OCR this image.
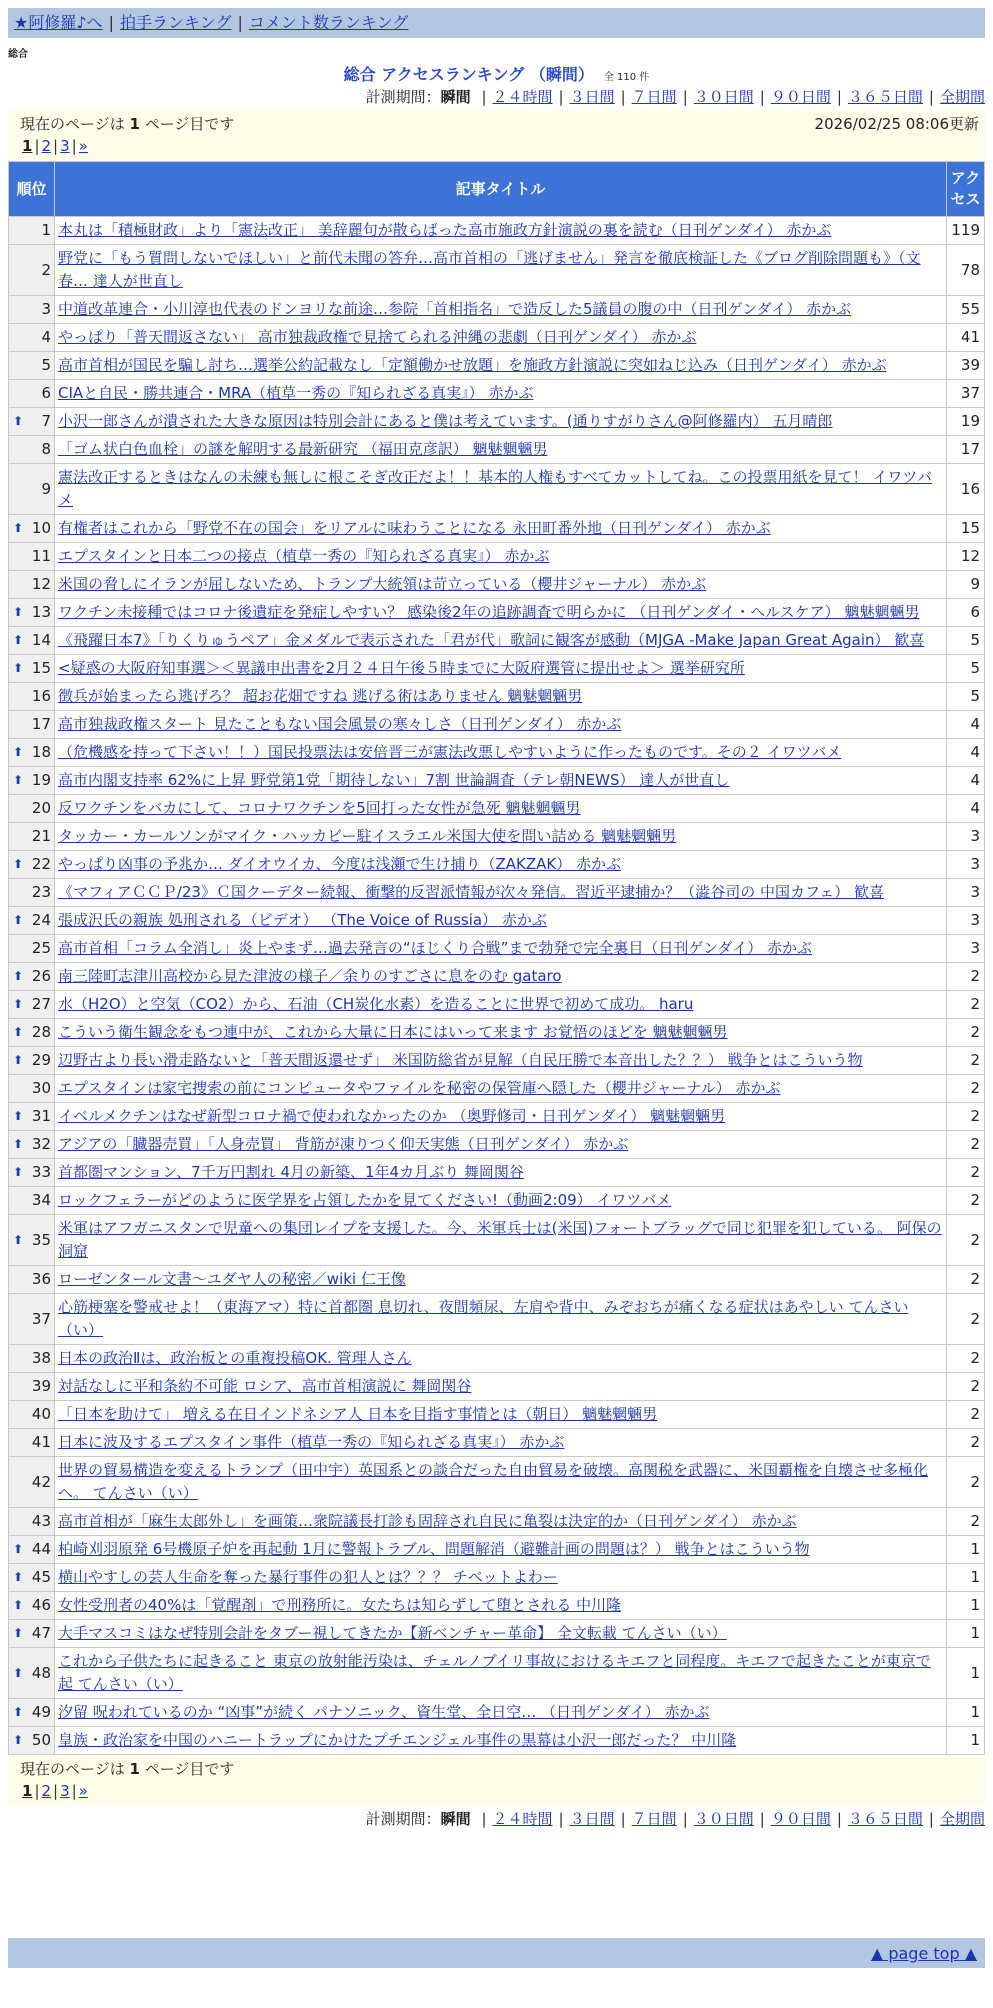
★阿修羅♪へ | 拍手ランキング | コメント数ランキング
総合
総合 アクセスランキング （瞬間） 全 110 件
計測期間：瞬間 | ２４時間 | ３日間 | ７日間 | ３０日間 | ９０日間 | ３６５日間 | 全期間
現在のページは 1 ページ目です	2026/02/25 08:06更新
1 | 2 | 3 | »
順位	記事タイトル	アクセス
1	本丸は「積極財政」より「憲法改正」 美辞麗句が散らばった高市施政方針演説の裏を読む（日刊ゲンダイ） 赤かぶ	119
2	野党に「もう質問しないでほしい」と前代未聞の答弁…高市首相の「逃げません」発言を徹底検証した《ブログ削除問題も》（文春… 達人が世直し	78
3	中道改革連合・小川淳也代表のドンヨリな前途…参院「首相指名」で造反した5議員の腹の中（日刊ゲンダイ） 赤かぶ	55
4	やっぱり「普天間返さない」 高市独裁政権で見捨てられる沖縄の悲劇（日刊ゲンダイ） 赤かぶ	41
5	高市首相が国民を騙し討ち…選挙公約記載なし「定額働かせ放題」を施政方針演説に突如ねじ込み（日刊ゲンダイ） 赤かぶ	39
6	CIAと自民・勝共連合・MRA（植草一秀の『知られざる真実』） 赤かぶ	37

⬆ 7	小沢一郎さんが潰された大きな原因は特別会計にあると僕は考えています。(通りすがりさん@阿修羅内） 五月晴郎	19
8	「ゴム状白色血栓」の謎を解明する最新研究 （福田克彦訳） 魑魅魍魎男	17
9	憲法改正するときはなんの未練も無しに根こそぎ改正だよ！！基本的人権もすべてカットしてね。この投票用紙を見て！ イワツバメ	16

⬆ 10	有権者はこれから「野党不在の国会」をリアルに味わうことになる 永田町番外地（日刊ゲンダイ） 赤かぶ	15
11	エプスタインと日本二つの接点（植草一秀の『知られざる真実』） 赤かぶ	12
12	米国の脅しにイランが屈しないため、トランプ大統領は苛立っている（櫻井ジャーナル） 赤かぶ	9

⬆ 13	ワクチン未接種ではコロナ後遺症を発症しやすい？ 感染後2年の追跡調査で明らかに （日刊ゲンダイ・ヘルスケア） 魑魅魍魎男	6

⬆ 14	《飛躍日本7》「りくりゅうペア」金メダルで表示された「君が代」歌詞に観客が感動（MJGA -Make Japan Great Again） 歓喜	5

⬆ 15	<疑惑の大阪府知事選＞＜異議申出書を2月２４日午後５時までに大阪府選管に提出せよ＞ 選挙研究所	5
16	徴兵が始まったら逃げろ？ 超お花畑ですね 逃げる術はありません 魑魅魍魎男	5
17	高市独裁政権スタート 見たこともない国会風景の寒々しさ（日刊ゲンダイ） 赤かぶ	4

⬆ 18	（危機感を持って下さい！！）国民投票法は安倍晋三が憲法改悪しやすいように作ったものです。その２ イワツバメ	4

⬆ 19	高市内閣支持率 62%に上昇 野党第1党「期待しない」7割 世論調査（テレ朝NEWS） 達人が世直し	4
20	反ワクチンをバカにして、コロナワクチンを5回打った女性が急死 魑魅魍魎男	4
21	タッカー・カールソンがマイク・ハッカビー駐イスラエル米国大使を問い詰める 魑魅魍魎男	3

⬆ 22	やっぱり凶事の予兆か… ダイオウイカ、今度は浅瀬で生け捕り（ZAKZAK） 赤かぶ	3
23	《マフィアＣＣＰ/23》Ｃ国クーデター続報、衝撃的反習派情報が次々発信。習近平逮捕か？（澁谷司の 中国カフェ） 歓喜	3

⬆ 24	張成沢氏の親族 処刑される（ビデオ） （The Voice of Russia） 赤かぶ	3
25	高市首相「コラム全消し」炎上やまず…過去発言の“ほじくり合戦”まで勃発で完全裏目（日刊ゲンダイ） 赤かぶ	3

⬆ 26	南三陸町志津川高校から見た津波の様子／余りのすごさに息をのむ gataro	2

⬆ 27	水（H2O）と空気（CO2）から、石油（CH炭化水素）を造ることに世界で初めて成功。 haru	2

⬆ 28	こういう衛生観念をもつ連中が、これから大量に日本にはいって来ます お覚悟のほどを 魑魅魍魎男	2

⬆ 29	辺野古より長い滑走路ないと「普天間返還せず」 米国防総省が見解（自民圧勝で本音出した？？） 戦争とはこういう物	2
30	エプスタインは家宅捜索の前にコンピュータやファイルを秘密の保管庫へ隠した（櫻井ジャーナル） 赤かぶ	2

⬆ 31	イベルメクチンはなぜ新型コロナ禍で使われなかったのか （奥野修司・日刊ゲンダイ） 魑魅魍魎男	2

⬆ 32	アジアの「臓器売買」「人身売買」 背筋が凍りつく仰天実態（日刊ゲンダイ） 赤かぶ	2

⬆ 33	首都圏マンション、7千万円割れ 4月の新築、1年4カ月ぶり 舞岡関谷	2
34	ロックフェラーがどのように医学界を占領したかを見てください!（動画2:09） イワツバメ	2

⬆ 35	米軍はアフガニスタンで児童への集団レイプを支援した。今、米軍兵士は(米国)フォートブラッグで同じ犯罪を犯している。 阿保の洞窟	2
36	ローゼンタール文書～ユダヤ人の秘密／wiki 仁王像	2
37	心筋梗塞を警戒せよ！（東海アマ）特に首都圏 息切れ、夜間頻尿、左肩や背中、みぞおちが痛くなる症状はあやしい てんさい（い）	2
38	日本の政治Ⅱは、政治板との重複投稿OK. 管理人さん	2
39	対話なしに平和条約不可能 ロシア、高市首相演説に 舞岡関谷	2
40	「日本を助けて」 増える在日インドネシア人 日本を目指す事情とは（朝日） 魑魅魍魎男	2
41	日本に波及するエプスタイン事件（植草一秀の『知られざる真実』） 赤かぶ	2
42	世界の貿易構造を変えるトランプ（田中宇）英国系との談合だった自由貿易を破壊。高関税を武器に、米国覇権を自壊させ多極化へ。 てんさい（い）	2
43	高市首相が「麻生太郎外し」を画策…衆院議長打診も固辞され自民に亀裂は決定的か（日刊ゲンダイ） 赤かぶ	2

⬆ 44	柏崎刈羽原発 6号機原子炉を再起動 1月に警報トラブル、問題解消（避難計画の問題は？） 戦争とはこういう物	1

⬆ 45	横山やすしの芸人生命を奪った暴行事件の犯人とは？？？ チベットよわー	1

⬆ 46	女性受刑者の40%は「覚醒剤」で刑務所に。女たちは知らずして堕とされる 中川隆	1

⬆ 47	大手マスコミはなぜ特別会計をタブー視してきたか【新ベンチャー革命】 全文転載 てんさい（い）	1

⬆ 48	これから子供たちに起きること 東京の放射能汚染は、チェルノブイリ事故におけるキエフと同程度。キエフで起きたことが東京で起 てんさい（い）	1

⬆ 49	汐留 呪われているのか “凶事”が続く パナソニック、資生堂、全日空… （日刊ゲンダイ） 赤かぶ	1

⬆ 50	皇族・政治家を中国のハニートラップにかけたプチエンジェル事件の黒幕は小沢一郎だった？ 中川隆	1
現在のページは 1 ページ目です
1 | 2 | 3 | »
計測期間：瞬間 | ２４時間 | ３日間 | ７日間 | ３０日間 | ９０日間 | ３６５日間 | 全期間
▲ page top ▲
